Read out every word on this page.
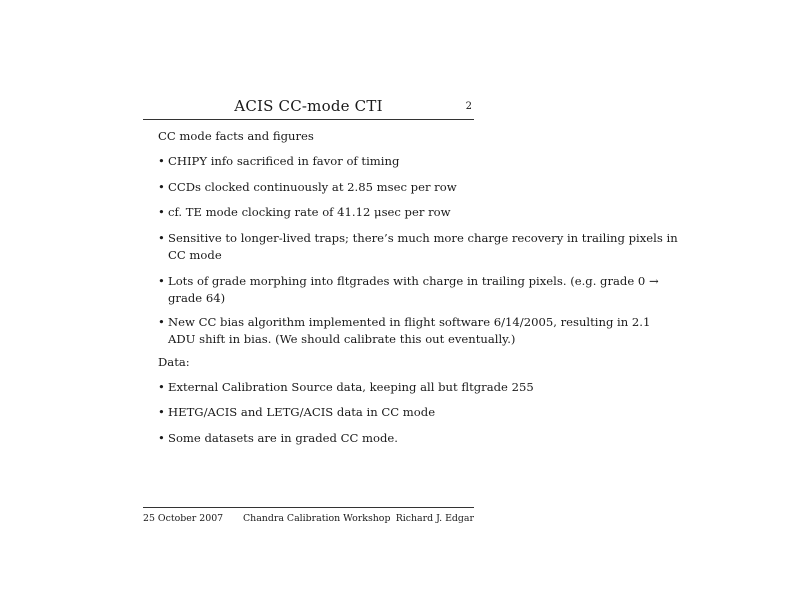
ACIS CC-mode CTI	2
CC mode facts and figures
• CHIPY info sacrificed in favor of timing
• CCDs clocked continuously at 2.85 msec per row
• cf. TE mode clocking rate of 41.12 μsec per row
• Sensitive to longer-lived traps; there’s much more charge recovery in trailing pixels in CC mode
• Lots of grade morphing into fltgrades with charge in trailing pixels. (e.g. grade 0 → grade 64)
• New CC bias algorithm implemented in flight software 6/14/2005, resulting in 2.1 ADU shift in bias. (We should calibrate this out eventually.)
Data:
• External Calibration Source data, keeping all but fltgrade 255
• HETG/ACIS and LETG/ACIS data in CC mode
• Some datasets are in graded CC mode.
25 October 2007 Chandra Calibration Workshop Richard J. Edgar
